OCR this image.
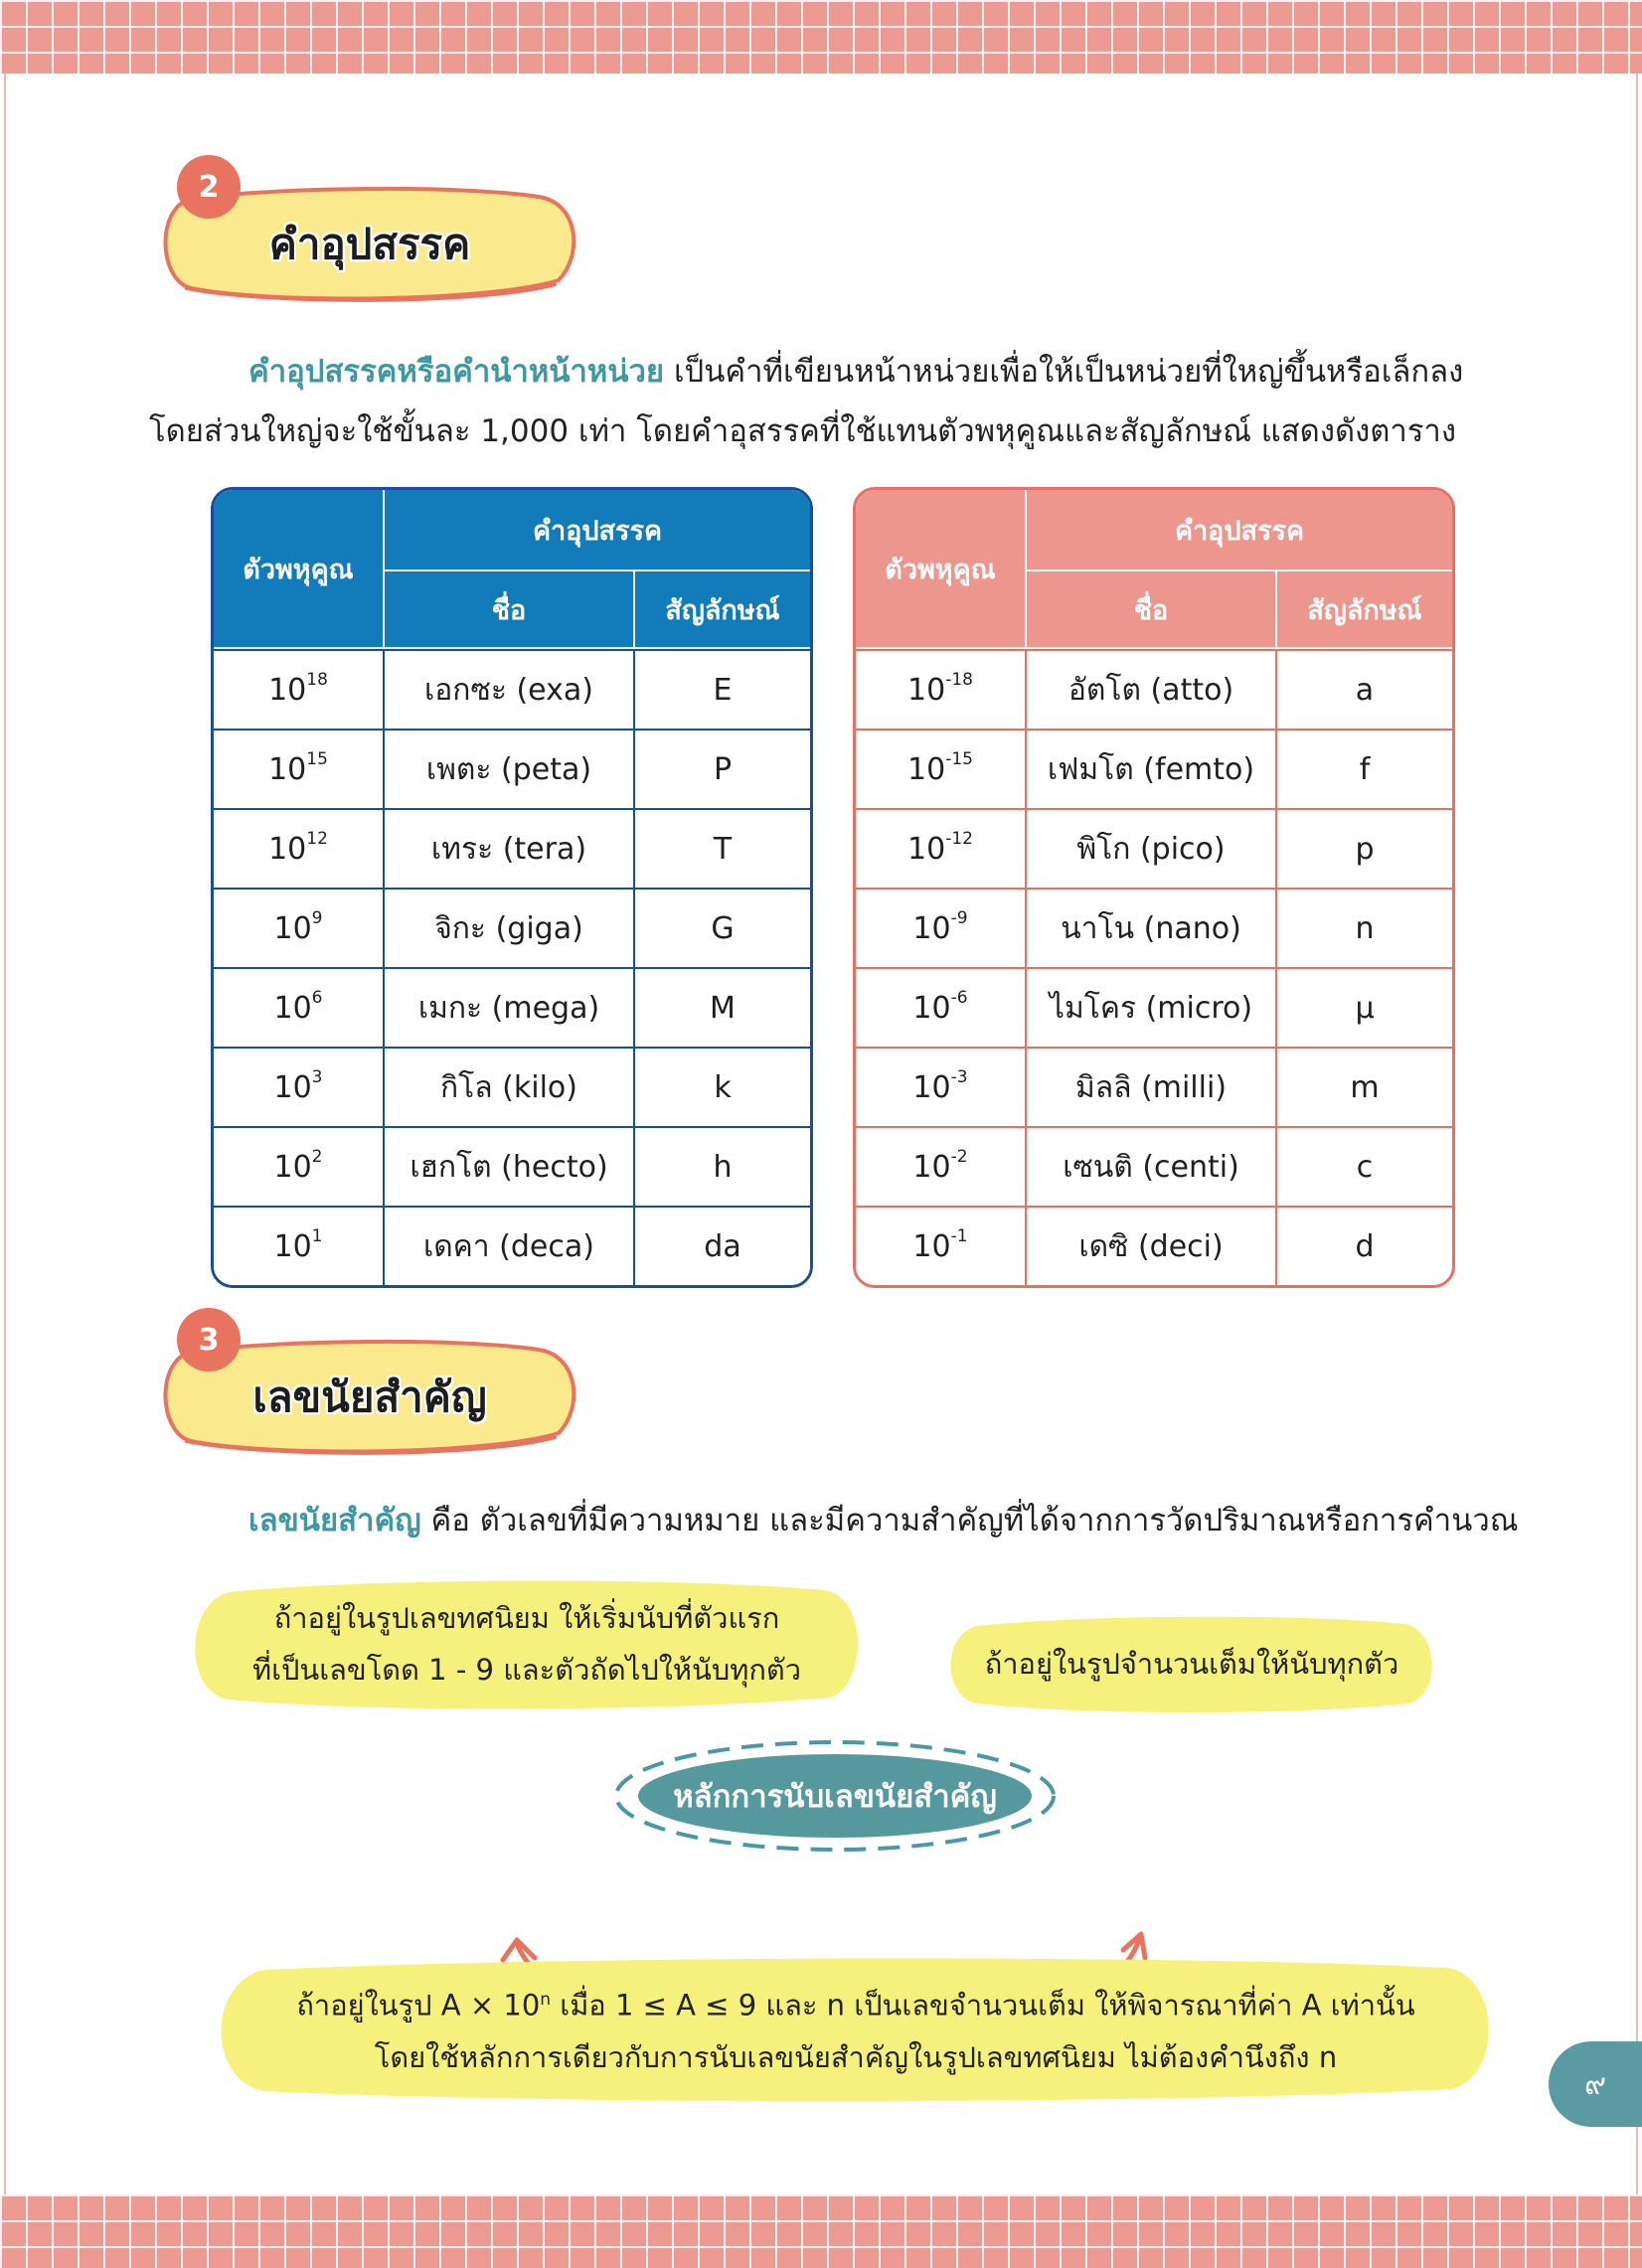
2
คำอุปสรรค
คำอุปสรรคหรือคำนำหน้าหน่วย เป็นคำที่เขียนหน้าหน่วยเพื่อให้เป็นหน่วยที่ใหญ่ขึ้นหรือเล็กลง
โดยส่วนใหญ่จะใช้ขั้นละ 1,000 เท่า โดยคำอุสรรคที่ใช้แทนตัวพหุคูณและสัญลักษณ์ แสดงดังตาราง
ตัวพหุคูณ	คำอุปสรรค	
	ชื่อ	สัญลักษณ์
$10^{18}$	เอกซะ (exa)	E
$10^{15}$	เพตะ (peta)	P
$10^{12}$	เทระ (tera)	T
$10^9$	จิกะ (giga)	G
$10^6$	เมกะ (mega)	M
$10^3$	กิโล (kilo)	k
$10^2$	เฮกโต (hecto)	h
$10^1$	เดคา (deca)	da
ตัวพหุคูณ	คำอุปสรรค	
	ชื่อ	สัญลักษณ์
$10^{-18}$	อัตโต (atto)	a
$10^{-15}$	เฟมโต (femto)	f
$10^{-12}$	พิโก (pico)	p
$10^{-9}$	นาโน (nano)	n
$10^{-6}$	ไมโคร (micro)	μ
$10^{-3}$	มิลลิ (milli)	m
$10^{-2}$	เซนติ (centi)	c
$10^{-1}$	เดซิ (deci)	d
3
เลขนัยสำคัญ
เลขนัยสำคัญ คือ ตัวเลขที่มีความหมาย และมีความสำคัญที่ได้จากการวัดปริมาณหรือการคำนวณ
หลักการนับเลขนัยสำคัญ
ถ้าอยู่ในรูปเลขทศนิยม ให้เริ่มนับที่ตัวแรก
ที่เป็นเลขโดด 1 - 9 และตัวถัดไปให้นับทุกตัว	ถ้าอยู่ในรูปจำนวนเต็มให้นับทุกตัว
ถ้าอยู่ในรูป $A \times 10^n$ เมื่อ 1 ≤ A ≤ 9 และ n เป็นเลขจำนวนเต็ม ให้พิจารณาที่ค่า A เท่านั้น
โดยใช้หลักการเดียวกับการนับเลขนัยสำคัญในรูปเลขทศนิยม ไม่ต้องคำนึงถึง n
๙
